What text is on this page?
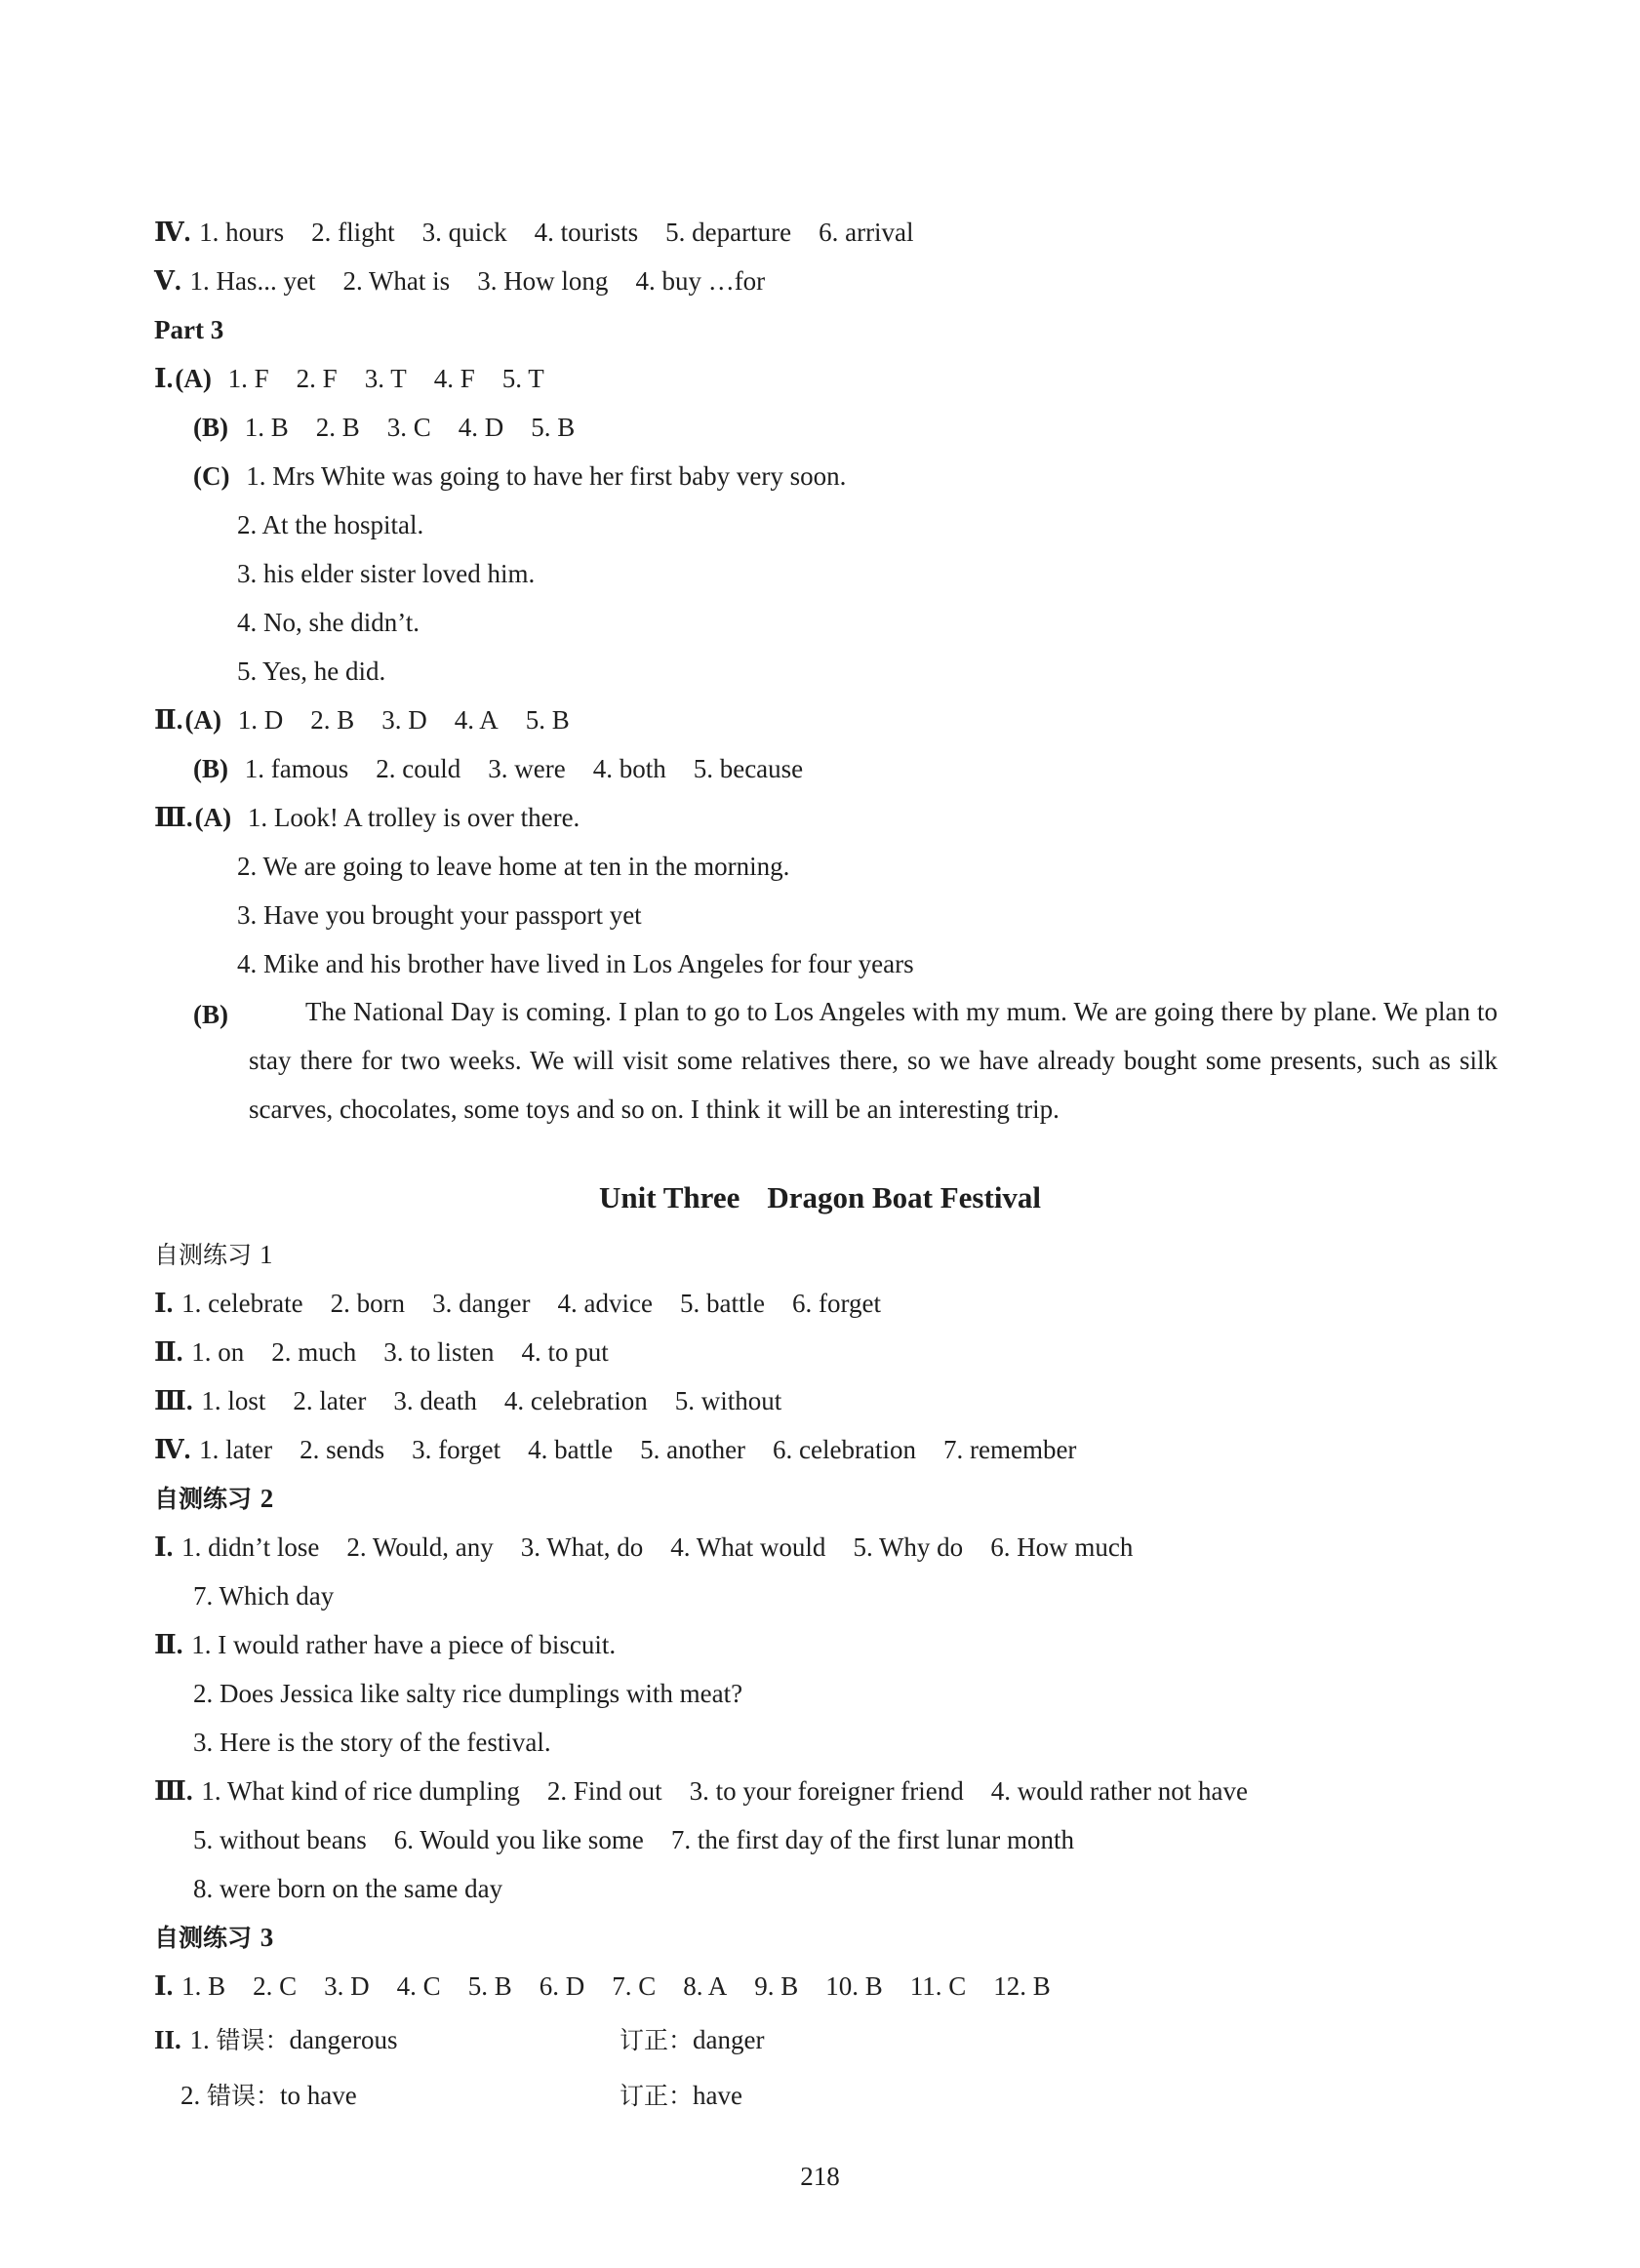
Ⅳ. 1. hours 2. flight 3. quick 4. tourists 5. departure 6. arrival
Ⅴ. 1. Has... yet 2. What is 3. How long 4. buy …for
Part 3
Ⅰ.(A) 1. F 2. F 3. T 4. F 5. T
(B) 1. B 2. B 3. C 4. D 5. B
(C) 1. Mrs White was going to have her first baby very soon.
2. At the hospital.
3. his elder sister loved him.
4. No, she didn’t.
5. Yes, he did.
Ⅱ.(A) 1. D 2. B 3. D 4. A 5. B
(B) 1. famous 2. could 3. were 4. both 5. because
Ⅲ.(A) 1. Look! A trolley is over there.
2. We are going to leave home at ten in the morning.
3. Have you brought your passport yet
4. Mike and his brother have lived in Los Angeles for four years
(B)	The National Day is coming. I plan to go to Los Angeles with my mum. We are going there by plane. We plan to stay there for two weeks. We will visit some relatives there, so we have already bought some presents, such as silk scarves, chocolates, some toys and so on. I think it will be an interesting trip.
Unit Three Dragon Boat Festival
自测练习 1
Ⅰ. 1. celebrate 2. born 3. danger 4. advice 5. battle 6. forget
Ⅱ. 1. on 2. much 3. to listen 4. to put
Ⅲ. 1. lost 2. later 3. death 4. celebration 5. without
Ⅳ. 1. later 2. sends 3. forget 4. battle 5. another 6. celebration 7. remember
自测练习 2
Ⅰ. 1. didn’t lose 2. Would, any 3. What, do 4. What would 5. Why do 6. How much
7. Which day
Ⅱ. 1. I would rather have a piece of biscuit.
2. Does Jessica like salty rice dumplings with meat?
3. Here is the story of the festival.
Ⅲ. 1. What kind of rice dumpling 2. Find out 3. to your foreigner friend 4. would rather not have
5. without beans 6. Would you like some 7. the first day of the first lunar month
8. were born on the same day
自测练习 3
Ⅰ. 1. B 2. C 3. D 4. C 5. B 6. D 7. C 8. A 9. B 10. B 11. C 12. B
II. 1. 错误：dangerous	订正：danger
2. 错误：to have	订正：have
218
